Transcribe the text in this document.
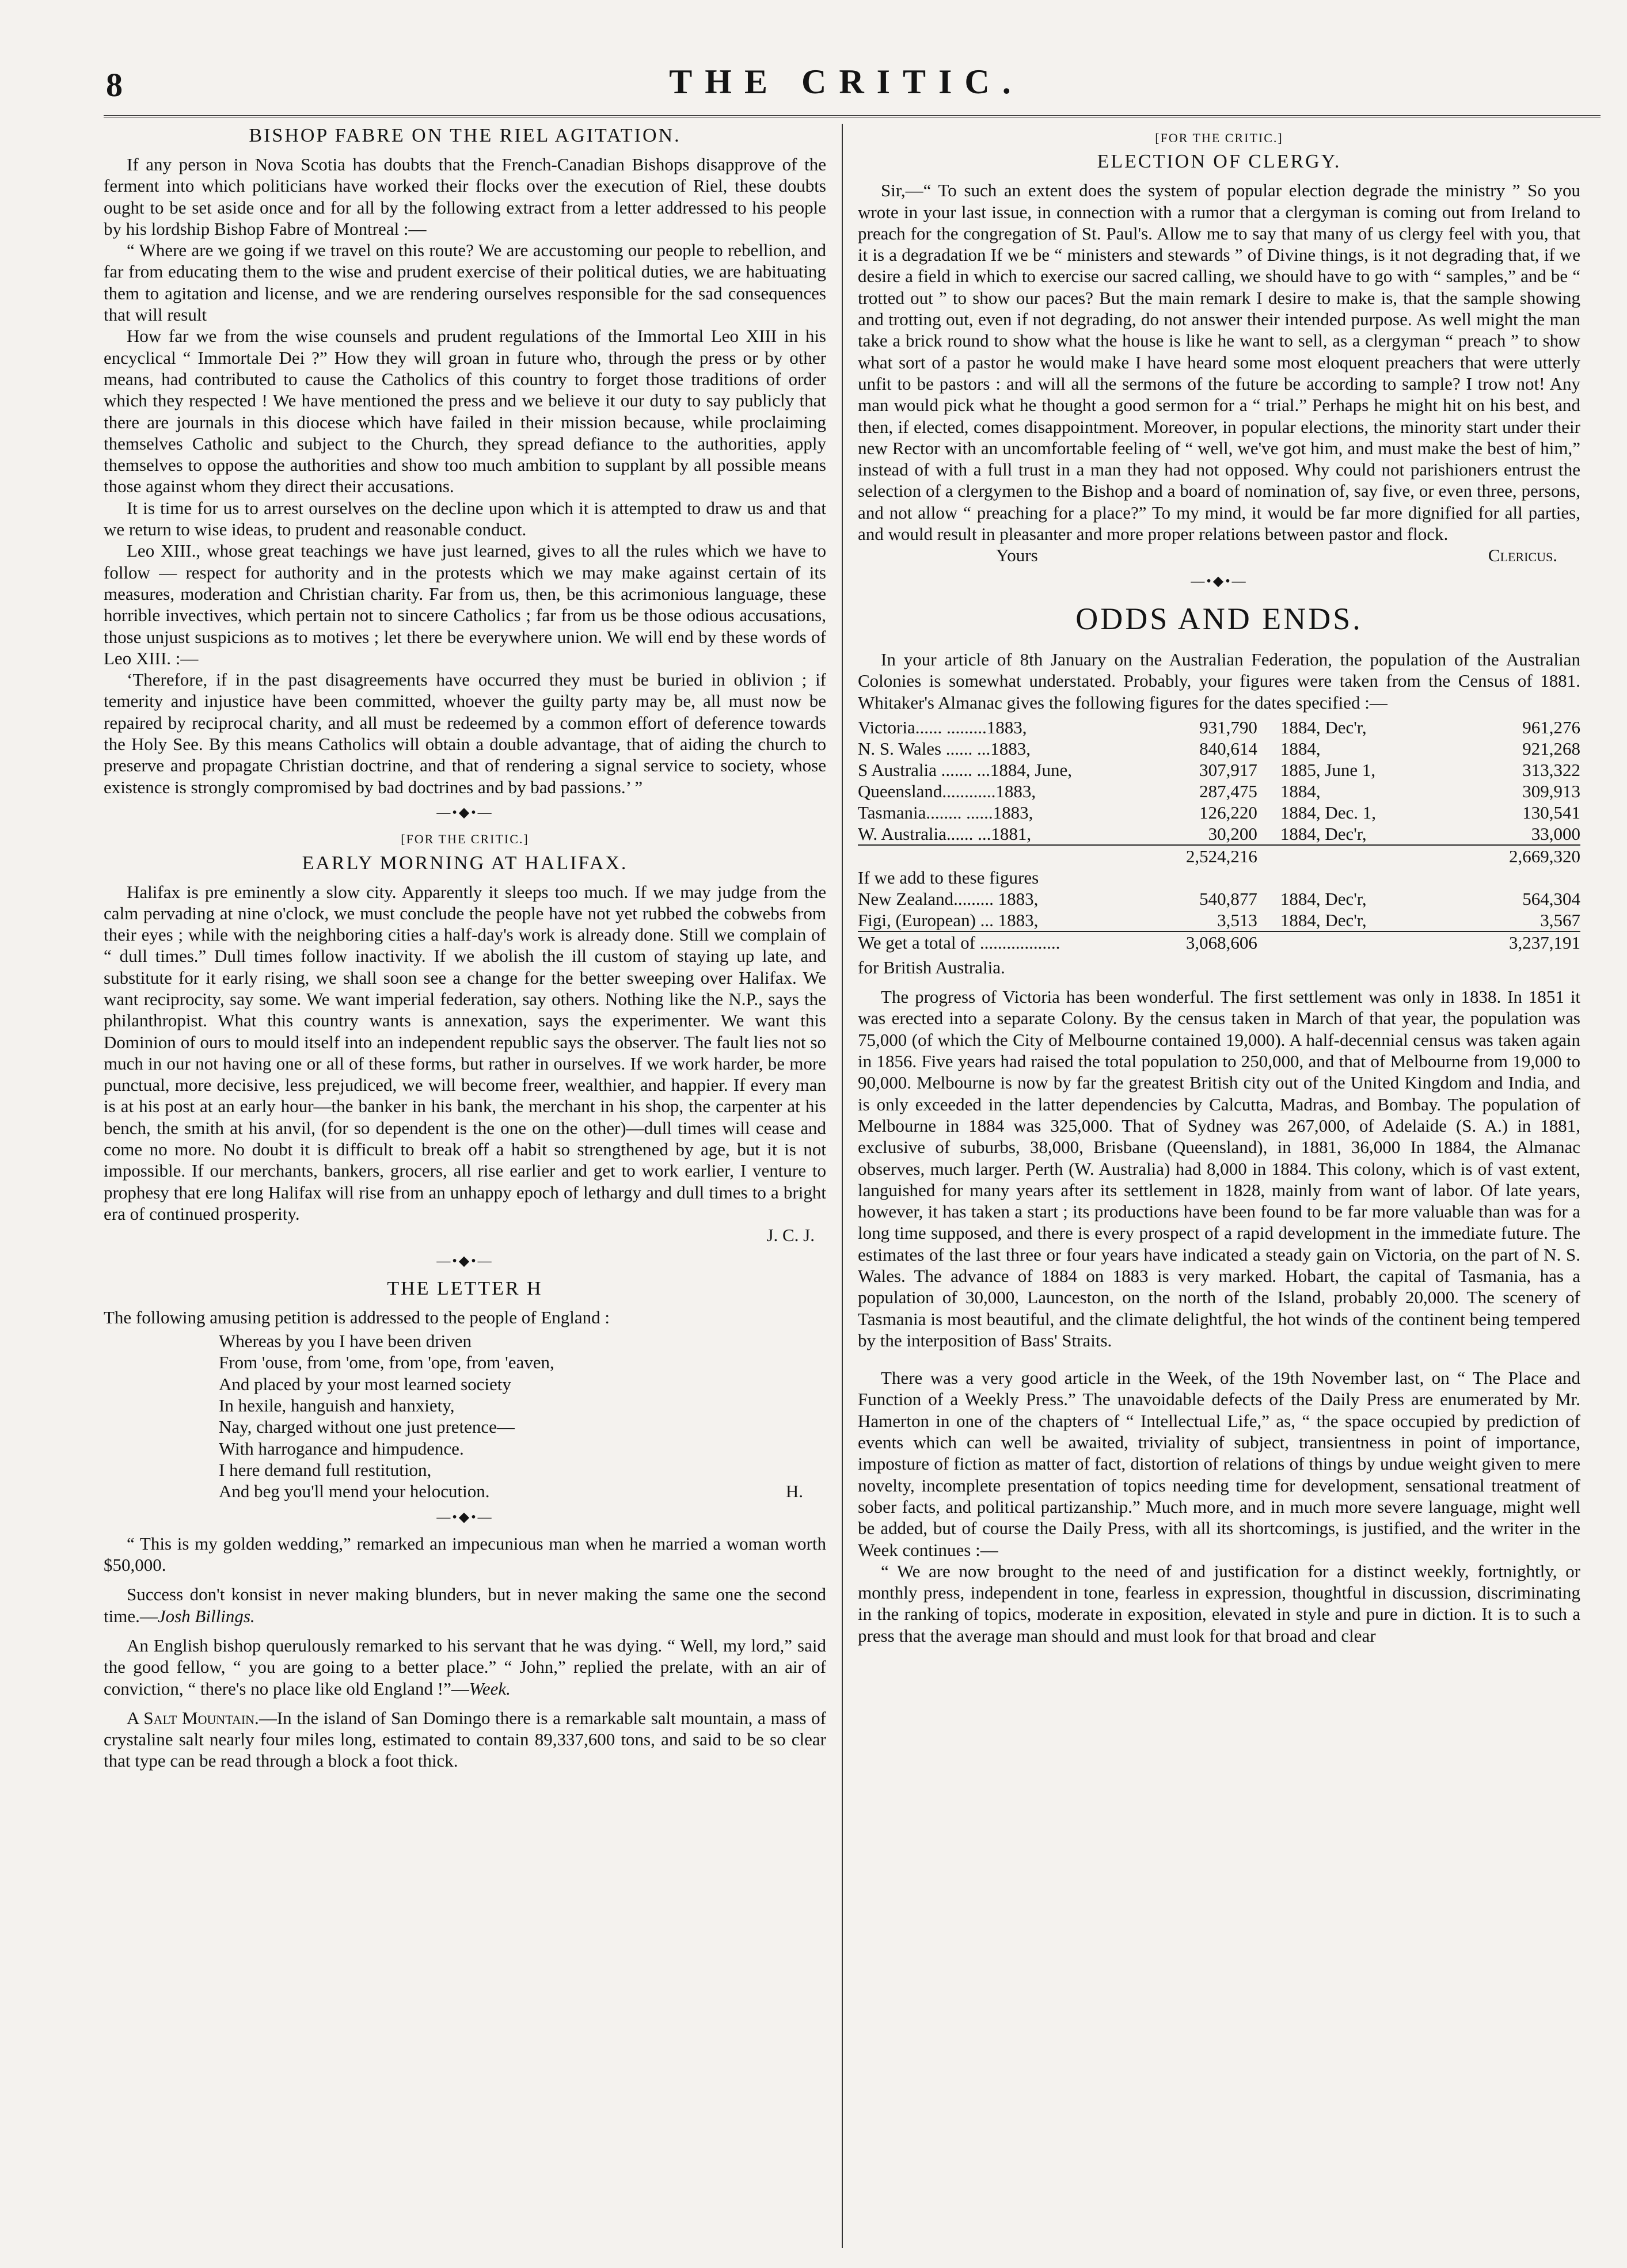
8	THE CRITIC.
BISHOP FABRE ON THE RIEL AGITATION.

If any person in Nova Scotia has doubts that the French-Canadian Bishops disapprove of the ferment into which politicians have worked their flocks over the execution of Riel, these doubts ought to be set aside once and for all by the following extract from a letter addressed to his people by his lordship Bishop Fabre of Montreal :—

“ Where are we going if we travel on this route? We are accustoming our people to rebellion, and far from educating them to the wise and prudent exercise of their political duties, we are habituating them to agitation and license, and we are rendering ourselves responsible for the sad consequences that will result

How far we from the wise counsels and prudent regulations of the Immortal Leo XIII in his encyclical “ Immortale Dei ?” How they will groan in future who, through the press or by other means, had contributed to cause the Catholics of this country to forget those traditions of order which they respected ! We have mentioned the press and we believe it our duty to say publicly that there are journals in this diocese which have failed in their mission because, while proclaiming themselves Catholic and subject to the Church, they spread defiance to the authorities, apply themselves to oppose the authorities and show too much ambition to supplant by all possible means those against whom they direct their accusations.

It is time for us to arrest ourselves on the decline upon which it is attempted to draw us and that we return to wise ideas, to prudent and reasonable conduct.

Leo XIII., whose great teachings we have just learned, gives to all the rules which we have to follow — respect for authority and in the protests which we may make against certain of its measures, moderation and Christian charity. Far from us, then, be this acrimonious language, these horrible invectives, which pertain not to sincere Catholics ; far from us be those odious accusations, those unjust suspicions as to motives ; let there be everywhere union. We will end by these words of Leo XIII. :—

‘Therefore, if in the past disagreements have occurred they must be buried in oblivion ; if temerity and injustice have been committed, whoever the guilty party may be, all must now be repaired by reciprocal charity, and all must be redeemed by a common effort of deference towards the Holy See. By this means Catholics will obtain a double advantage, that of aiding the church to preserve and propagate Christian doctrine, and that of rendering a signal service to society, whose existence is strongly compromised by bad doctrines and by bad passions.’ ”

—•◆•—
[FOR THE CRITIC.]
EARLY MORNING AT HALIFAX.

Halifax is pre eminently a slow city. Apparently it sleeps too much. If we may judge from the calm pervading at nine o'clock, we must conclude the people have not yet rubbed the cobwebs from their eyes ; while with the neighboring cities a half-day's work is already done. Still we complain of “ dull times.” Dull times follow inactivity. If we abolish the ill custom of staying up late, and substitute for it early rising, we shall soon see a change for the better sweeping over Halifax. We want reciprocity, say some. We want imperial federation, say others. Nothing like the N.P., says the philanthropist. What this country wants is annexation, says the experimenter. We want this Dominion of ours to mould itself into an independent republic says the observer. The fault lies not so much in our not having one or all of these forms, but rather in ourselves. If we work harder, be more punctual, more decisive, less prejudiced, we will become freer, wealthier, and happier. If every man is at his post at an early hour—the banker in his bank, the merchant in his shop, the carpenter at his bench, the smith at his anvil, (for so dependent is the one on the other)—dull times will cease and come no more. No doubt it is difficult to break off a habit so strengthened by age, but it is not impossible. If our merchants, bankers, grocers, all rise earlier and get to work earlier, I venture to prophesy that ere long Halifax will rise from an unhappy epoch of lethargy and dull times to a bright era of continued prosperity.

J. C. J.
—•◆•—
THE LETTER H

The following amusing petition is addressed to the people of England :

Whereas by you I have been driven
From 'ouse, from 'ome, from 'ope, from 'eaven,
And placed by your most learned society
In hexile, hanguish and hanxiety,
Nay, charged without one just pretence—
With harrogance and himpudence.
I here demand full restitution,
And beg you'll mend your helocution.	H.
—•◆•—

“ This is my golden wedding,” remarked an impecunious man when he married a woman worth $50,000.

Success don't konsist in never making blunders, but in never making the same one the second time.—Josh Billings.

An English bishop querulously remarked to his servant that he was dying. “ Well, my lord,” said the good fellow, “ you are going to a better place.” “ John,” replied the prelate, with an air of conviction, “ there's no place like old England !”—Week.

A Salt Mountain.—In the island of San Domingo there is a remarkable salt mountain, a mass of crystaline salt nearly four miles long, estimated to contain 89,337,600 tons, and said to be so clear that type can be read through a block a foot thick.

[FOR THE CRITIC.]
ELECTION OF CLERGY.

Sir,—“ To such an extent does the system of popular election degrade the ministry ” So you wrote in your last issue, in connection with a rumor that a clergyman is coming out from Ireland to preach for the congregation of St. Paul's. Allow me to say that many of us clergy feel with you, that it is a degradation If we be “ ministers and stewards ” of Divine things, is it not degrading that, if we desire a field in which to exercise our sacred calling, we should have to go with “ samples,” and be “ trotted out ” to show our paces? But the main remark I desire to make is, that the sample showing and trotting out, even if not degrading, do not answer their intended purpose. As well might the man take a brick round to show what the house is like he want to sell, as a clergyman “ preach ” to show what sort of a pastor he would make I have heard some most eloquent preachers that were utterly unfit to be pastors : and will all the sermons of the future be according to sample? I trow not! Any man would pick what he thought a good sermon for a “ trial.” Perhaps he might hit on his best, and then, if elected, comes disappointment. Moreover, in popular elections, the minority start under their new Rector with an uncomfortable feeling of “ well, we've got him, and must make the best of him,” instead of with a full trust in a man they had not opposed. Why could not parishioners entrust the selection of a clergymen to the Bishop and a board of nomination of, say five, or even three, persons, and not allow “ preaching for a place?” To my mind, it would be far more dignified for all parties, and would result in pleasanter and more proper relations between pastor and flock.

Yours	Clericus.
—•◆•—
ODDS AND ENDS.

In your article of 8th January on the Australian Federation, the population of the Australian Colonies is somewhat understated. Probably, your figures were taken from the Census of 1881. Whitaker's Almanac gives the following figures for the dates specified :—

Victoria...... .........1883,	931,790	1884, Dec'r,	961,276
N. S. Wales ...... ...1883,	840,614	1884,	921,268
S Australia ....... ...1884, June,	307,917	1885, June 1,	313,322
Queensland............1883,	287,475	1884,	309,913
Tasmania........ ......1883,	126,220	1884, Dec. 1,	130,541
W. Australia...... ...1881,	30,200	1884, Dec'r,	33,000
	2,524,216		2,669,320
If we add to these figures			
New Zealand......... 1883,	540,877	1884, Dec'r,	564,304
Figi, (European) ... 1883,	3,513	1884, Dec'r,	3,567
We get a total of ..................	3,068,606		3,237,191

for British Australia.

The progress of Victoria has been wonderful. The first settlement was only in 1838. In 1851 it was erected into a separate Colony. By the census taken in March of that year, the population was 75,000 (of which the City of Melbourne contained 19,000). A half-decennial census was taken again in 1856. Five years had raised the total population to 250,000, and that of Melbourne from 19,000 to 90,000. Melbourne is now by far the greatest British city out of the United Kingdom and India, and is only exceeded in the latter dependencies by Calcutta, Madras, and Bombay. The population of Melbourne in 1884 was 325,000. That of Sydney was 267,000, of Adelaide (S. A.) in 1881, exclusive of suburbs, 38,000, Brisbane (Queensland), in 1881, 36,000 In 1884, the Almanac observes, much larger. Perth (W. Australia) had 8,000 in 1884. This colony, which is of vast extent, languished for many years after its settlement in 1828, mainly from want of labor. Of late years, however, it has taken a start ; its productions have been found to be far more valuable than was for a long time supposed, and there is every prospect of a rapid development in the immediate future. The estimates of the last three or four years have indicated a steady gain on Victoria, on the part of N. S. Wales. The advance of 1884 on 1883 is very marked. Hobart, the capital of Tasmania, has a population of 30,000, Launceston, on the north of the Island, probably 20,000. The scenery of Tasmania is most beautiful, and the climate delightful, the hot winds of the continent being tempered by the interposition of Bass' Straits.

There was a very good article in the Week, of the 19th November last, on “ The Place and Function of a Weekly Press.” The unavoidable defects of the Daily Press are enumerated by Mr. Hamerton in one of the chapters of “ Intellectual Life,” as, “ the space occupied by prediction of events which can well be awaited, triviality of subject, transientness in point of importance, imposture of fiction as matter of fact, distortion of relations of things by undue weight given to mere novelty, incomplete presentation of topics needing time for development, sensational treatment of sober facts, and political partizanship.” Much more, and in much more severe language, might well be added, but of course the Daily Press, with all its shortcomings, is justified, and the writer in the Week continues :—

“ We are now brought to the need of and justification for a distinct weekly, fortnightly, or monthly press, independent in tone, fearless in expression, thoughtful in discussion, discriminating in the ranking of topics, moderate in exposition, elevated in style and pure in diction. It is to such a press that the average man should and must look for that broad and clear
